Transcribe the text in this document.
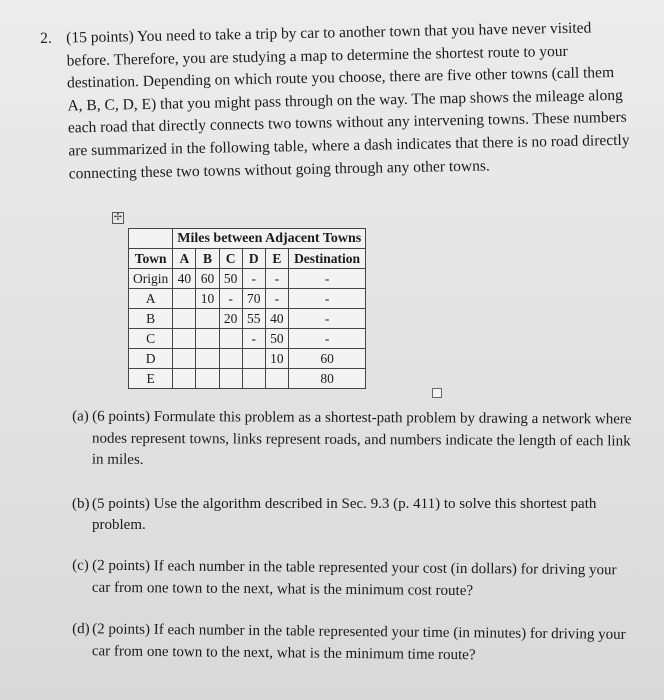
2. (15 points) You need to take a trip by car to another town that you have never visited before. Therefore, you are studying a map to determine the shortest route to your destination. Depending on which route you choose, there are five other towns (call them A, B, C, D, E) that you might pass through on the way. The map shows the mileage along each road that directly connects two towns without any intervening towns. These numbers are summarized in the following table, where a dash indicates that there is no road directly connecting these two towns without going through any other towns.
✢
	Miles between Adjacent Towns					
Town	A	B	C	D	E	Destination
Origin	40	60	50	-	-	-
A		10	-	70	-	-
B			20	55	40	-
C				-	50	-
D					10	60
E						80
(a) (6 points) Formulate this problem as a shortest-path problem by drawing a network where nodes represent towns, links represent roads, and numbers indicate the length of each link in miles.
(b) (5 points) Use the algorithm described in Sec. 9.3 (p. 411) to solve this shortest path problem.
(c) (2 points) If each number in the table represented your cost (in dollars) for driving your car from one town to the next, what is the minimum cost route?
(d) (2 points) If each number in the table represented your time (in minutes) for driving your car from one town to the next, what is the minimum time route?
